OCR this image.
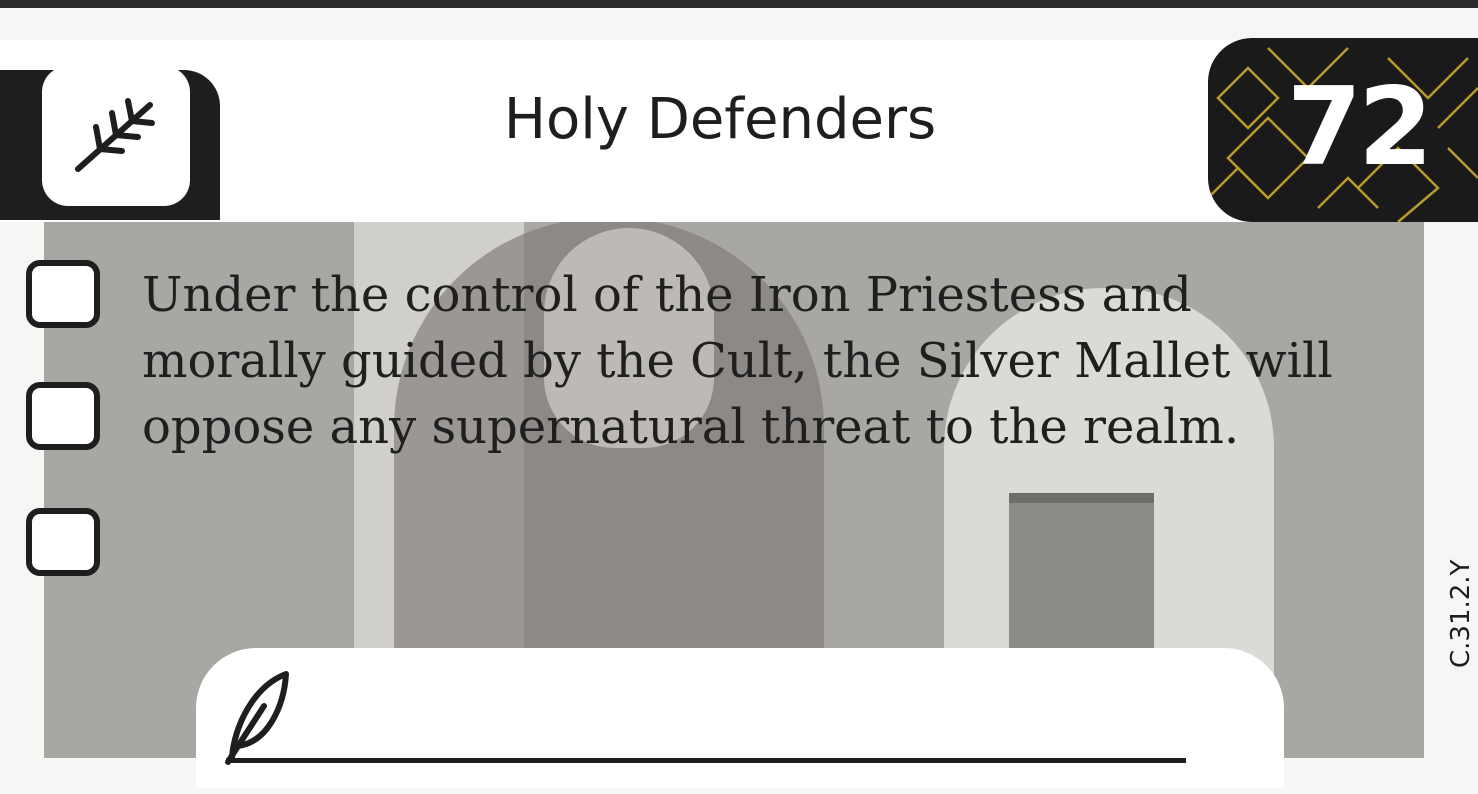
Holy Defenders	72
Under the control of the Iron Priestess and morally guided by the Cult, the Silver Mallet will oppose any supernatural threat to the realm.
C.31.2.Y
